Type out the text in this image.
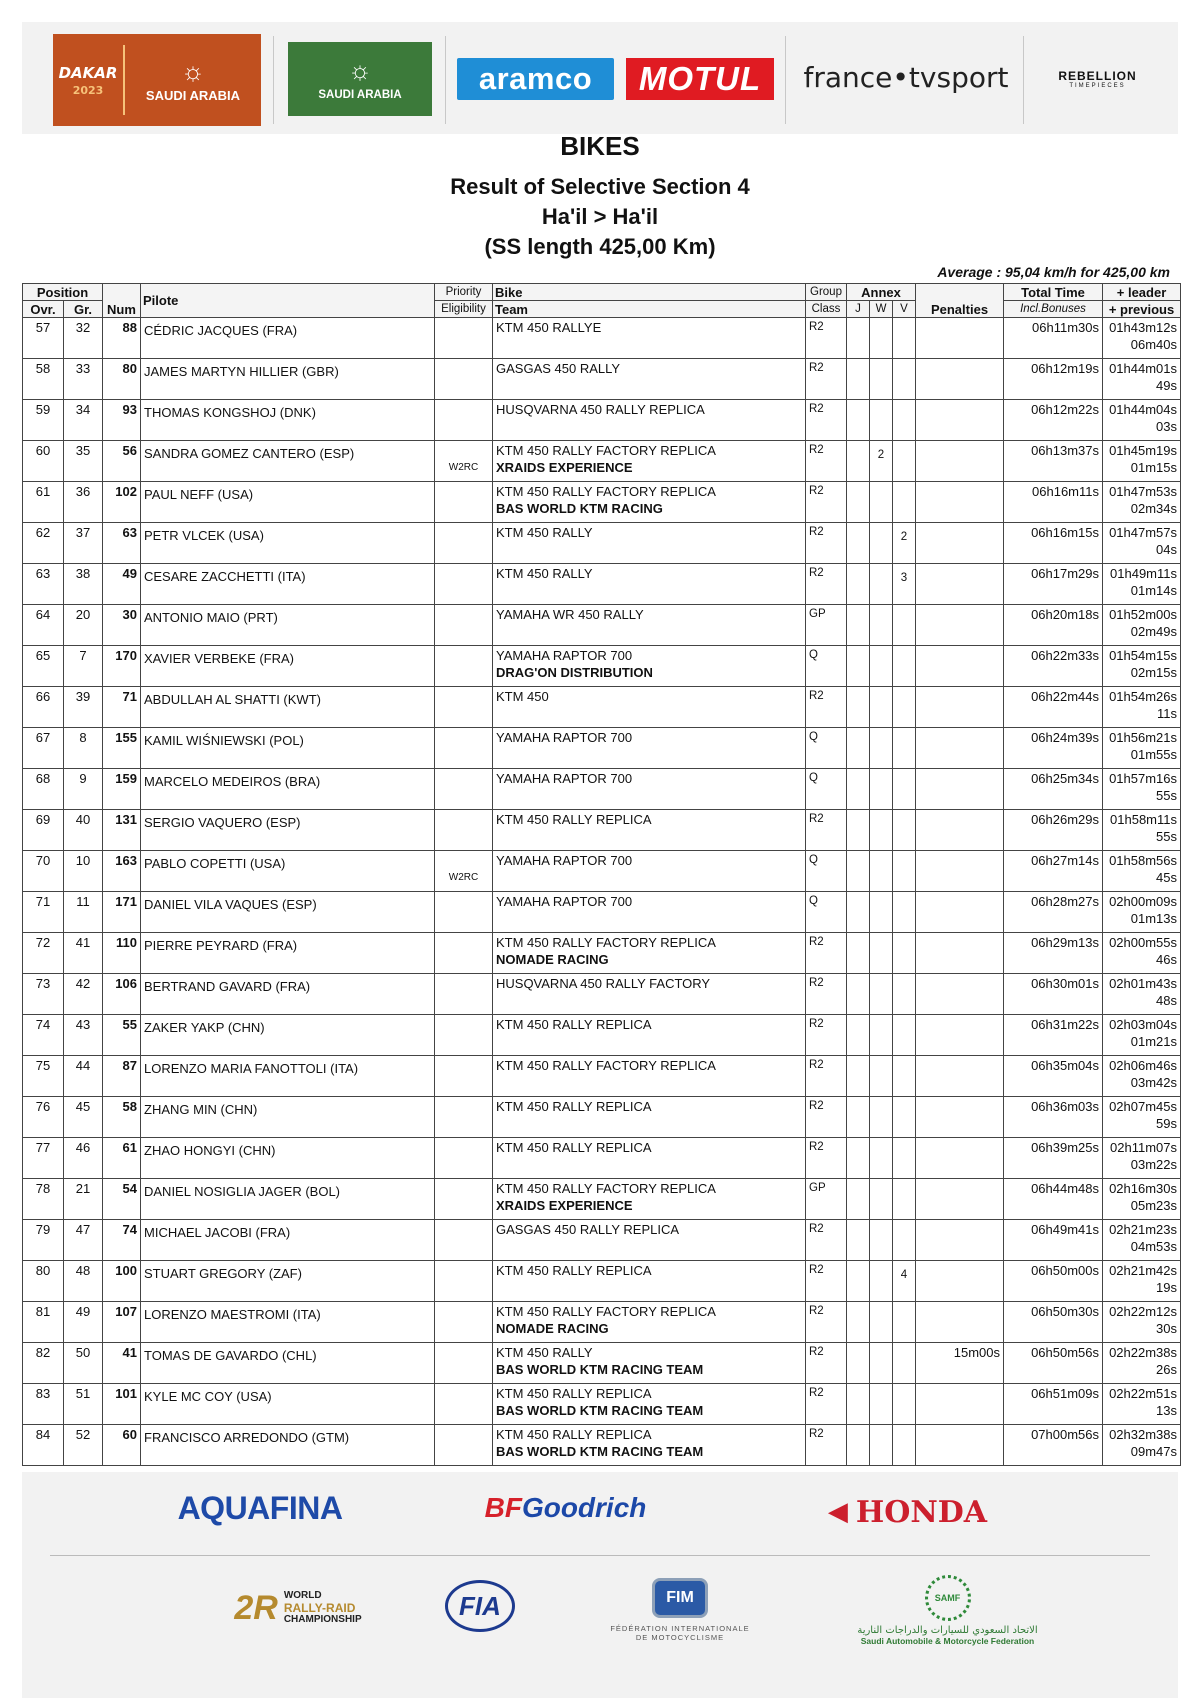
DAKAR
2023
☼
SAUDI ARABIA
☼
SAUDI ARABIA	aramco	MOTUL	france•tvsport	REBELLION
TIMEPIECES
BIKES
Result of Selective Section 4
Ha'il > Ha'il
(SS length 425,00 Km)
Average : 95,04 km/h for 425,00 km
Position		Num	Pilote	Priority	Bike	Group	Annex			Penalties	Total Time	+ leader
Ovr.	Gr.			Eligibility	Team	Class	J	W	V		Incl.Bonuses	+ previous
57	32	88	CÉDRIC JACQUES (FRA)		KTM 450 RALLYE	R2					06h11m30s	01h43m12s
06m40s

58	33	80	JAMES MARTYN HILLIER (GBR)		GASGAS 450 RALLY	R2					06h12m19s	01h44m01s
49s

59	34	93	THOMAS KONGSHOJ (DNK)		HUSQVARNA 450 RALLY REPLICA	R2					06h12m22s	01h44m04s
03s

60	35	56	SANDRA GOMEZ CANTERO (ESP)	W2RC	KTM 450 RALLY FACTORY REPLICA
XRAIDS EXPERIENCE	R2		2			06h13m37s	01h45m19s
01m15s

61	36	102	PAUL NEFF (USA)		KTM 450 RALLY FACTORY REPLICA
BAS WORLD KTM RACING	R2					06h16m11s	01h47m53s
02m34s

62	37	63	PETR VLCEK (USA)		KTM 450 RALLY	R2			2		06h16m15s	01h47m57s
04s

63	38	49	CESARE ZACCHETTI (ITA)		KTM 450 RALLY	R2			3		06h17m29s	01h49m11s
01m14s

64	20	30	ANTONIO MAIO (PRT)		YAMAHA WR 450 RALLY	GP					06h20m18s	01h52m00s
02m49s

65	7	170	XAVIER VERBEKE (FRA)		YAMAHA RAPTOR 700
DRAG'ON DISTRIBUTION	Q					06h22m33s	01h54m15s
02m15s

66	39	71	ABDULLAH AL SHATTI (KWT)		KTM 450	R2					06h22m44s	01h54m26s
11s

67	8	155	KAMIL WIŚNIEWSKI (POL)		YAMAHA RAPTOR 700	Q					06h24m39s	01h56m21s
01m55s

68	9	159	MARCELO MEDEIROS (BRA)		YAMAHA RAPTOR 700	Q					06h25m34s	01h57m16s
55s

69	40	131	SERGIO VAQUERO (ESP)		KTM 450 RALLY REPLICA	R2					06h26m29s	01h58m11s
55s

70	10	163	PABLO COPETTI (USA)	W2RC	YAMAHA RAPTOR 700	Q					06h27m14s	01h58m56s
45s

71	11	171	DANIEL VILA VAQUES (ESP)		YAMAHA RAPTOR 700	Q					06h28m27s	02h00m09s
01m13s

72	41	110	PIERRE PEYRARD (FRA)		KTM 450 RALLY FACTORY REPLICA
NOMADE RACING	R2					06h29m13s	02h00m55s
46s

73	42	106	BERTRAND GAVARD (FRA)		HUSQVARNA 450 RALLY FACTORY	R2					06h30m01s	02h01m43s
48s

74	43	55	ZAKER YAKP (CHN)		KTM 450 RALLY REPLICA	R2					06h31m22s	02h03m04s
01m21s

75	44	87	LORENZO MARIA FANOTTOLI (ITA)		KTM 450 RALLY FACTORY REPLICA	R2					06h35m04s	02h06m46s
03m42s

76	45	58	ZHANG MIN (CHN)		KTM 450 RALLY REPLICA	R2					06h36m03s	02h07m45s
59s

77	46	61	ZHAO HONGYI (CHN)		KTM 450 RALLY REPLICA	R2					06h39m25s	02h11m07s
03m22s

78	21	54	DANIEL NOSIGLIA JAGER (BOL)		KTM 450 RALLY FACTORY REPLICA
XRAIDS EXPERIENCE	GP					06h44m48s	02h16m30s
05m23s

79	47	74	MICHAEL JACOBI (FRA)		GASGAS 450 RALLY REPLICA	R2					06h49m41s	02h21m23s
04m53s

80	48	100	STUART GREGORY (ZAF)		KTM 450 RALLY REPLICA	R2			4		06h50m00s	02h21m42s
19s

81	49	107	LORENZO MAESTROMI (ITA)		KTM 450 RALLY FACTORY REPLICA
NOMADE RACING	R2					06h50m30s	02h22m12s
30s

82	50	41	TOMAS DE GAVARDO (CHL)		KTM 450 RALLY
BAS WORLD KTM RACING TEAM	R2				15m00s	06h50m56s	02h22m38s
26s

83	51	101	KYLE MC COY (USA)		KTM 450 RALLY REPLICA
BAS WORLD KTM RACING TEAM	R2					06h51m09s	02h22m51s
13s

84	52	60	FRANCISCO ARREDONDO (GTM)		KTM 450 RALLY REPLICA
BAS WORLD KTM RACING TEAM	R2					07h00m56s	02h32m38s
09m47s
AQUAFINA	BF Goodrich	◀ HONDA
2R WORLD
RALLY-RAID
CHAMPIONSHIP	FIA	FIM
FÉDÉRATION INTERNATIONALE
DE MOTOCYCLISME
SAMF
الاتحاد السعودي للسيارات والدراجات النارية
Saudi Automobile & Motorcycle Federation
